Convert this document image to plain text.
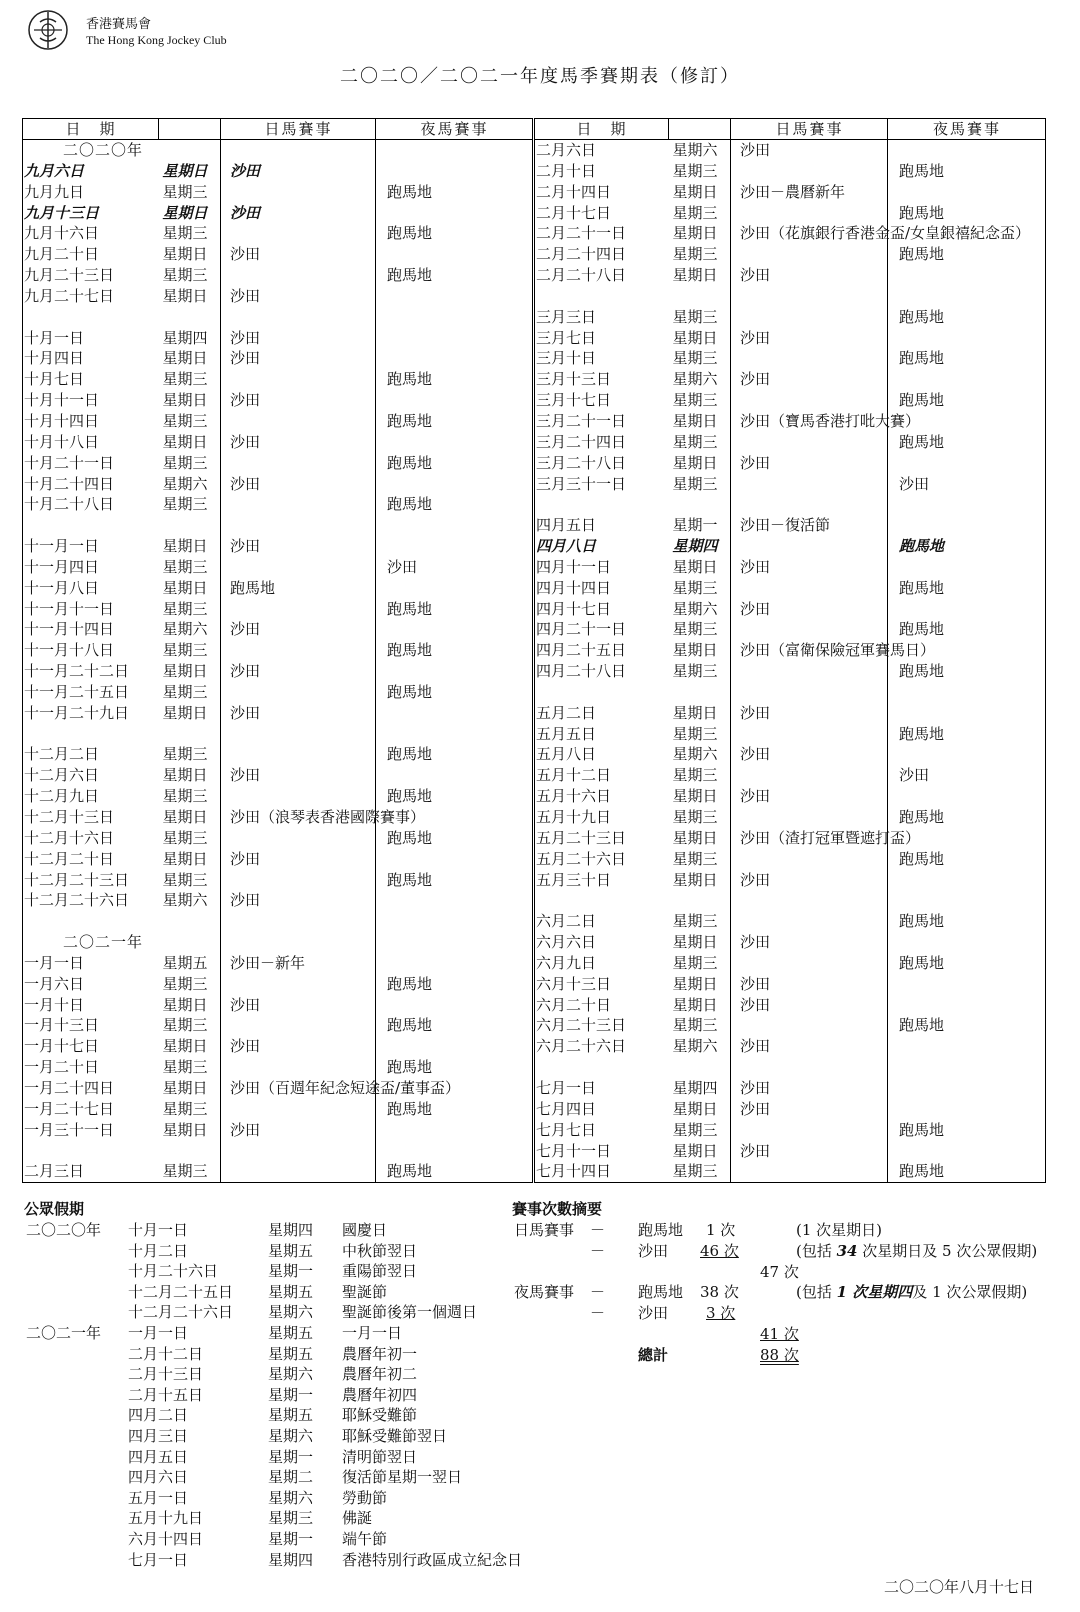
香港賽馬會
The Hong Kong Jockey Club
二〇二〇／二〇二一年度馬季賽期表（修訂）
日　期		日馬賽事	夜馬賽事
二〇二〇年			
九月六日	星期日	沙田	
九月九日	星期三		跑馬地
九月十三日	星期日	沙田	
九月十六日	星期三		跑馬地
九月二十日	星期日	沙田	
九月二十三日	星期三		跑馬地
九月二十七日	星期日	沙田	

十月一日	星期四	沙田	
十月四日	星期日	沙田	
十月七日	星期三		跑馬地
十月十一日	星期日	沙田	
十月十四日	星期三		跑馬地
十月十八日	星期日	沙田	
十月二十一日	星期三		跑馬地
十月二十四日	星期六	沙田	
十月二十八日	星期三		跑馬地

十一月一日	星期日	沙田	
十一月四日	星期三		沙田
十一月八日	星期日	跑馬地	
十一月十一日	星期三		跑馬地
十一月十四日	星期六	沙田	
十一月十八日	星期三		跑馬地
十一月二十二日	星期日	沙田	
十一月二十五日	星期三		跑馬地
十一月二十九日	星期日	沙田	

十二月二日	星期三		跑馬地
十二月六日	星期日	沙田	
十二月九日	星期三		跑馬地
十二月十三日	星期日	沙田（浪琴表香港國際賽事）	
十二月十六日	星期三		跑馬地
十二月二十日	星期日	沙田	
十二月二十三日	星期三		跑馬地
十二月二十六日	星期六	沙田	

二〇二一年			
一月一日	星期五	沙田－新年	
一月六日	星期三		跑馬地
一月十日	星期日	沙田	
一月十三日	星期三		跑馬地
一月十七日	星期日	沙田	
一月二十日	星期三		跑馬地
一月二十四日	星期日	沙田（百週年紀念短途盃/董事盃）	
一月二十七日	星期三		跑馬地
一月三十一日	星期日	沙田	

二月三日	星期三		跑馬地
日　期		日馬賽事	夜馬賽事
二月六日	星期六	沙田	
二月十日	星期三		跑馬地
二月十四日	星期日	沙田－農曆新年	
二月十七日	星期三		跑馬地
二月二十一日	星期日	沙田（花旗銀行香港金盃/女皇銀禧紀念盃）	
二月二十四日	星期三		跑馬地
二月二十八日	星期日	沙田	

三月三日	星期三		跑馬地
三月七日	星期日	沙田	
三月十日	星期三		跑馬地
三月十三日	星期六	沙田	
三月十七日	星期三		跑馬地
三月二十一日	星期日	沙田（寶馬香港打吡大賽）	
三月二十四日	星期三		跑馬地
三月二十八日	星期日	沙田	
三月三十一日	星期三		沙田

四月五日	星期一	沙田－復活節	
四月八日	星期四		跑馬地
四月十一日	星期日	沙田	
四月十四日	星期三		跑馬地
四月十七日	星期六	沙田	
四月二十一日	星期三		跑馬地
四月二十五日	星期日	沙田（富衛保險冠軍賽馬日）	
四月二十八日	星期三		跑馬地

五月二日	星期日	沙田	
五月五日	星期三		跑馬地
五月八日	星期六	沙田	
五月十二日	星期三		沙田
五月十六日	星期日	沙田	
五月十九日	星期三		跑馬地
五月二十三日	星期日	沙田（渣打冠軍暨遮打盃）	
五月二十六日	星期三		跑馬地
五月三十日	星期日	沙田	

六月二日	星期三		跑馬地
六月六日	星期日	沙田	
六月九日	星期三		跑馬地
六月十三日	星期日	沙田	
六月二十日	星期日	沙田	
六月二十三日	星期三		跑馬地
六月二十六日	星期六	沙田	

七月一日	星期四	沙田	
七月四日	星期日	沙田	
七月七日	星期三		跑馬地
七月十一日	星期日	沙田	
七月十四日	星期三		跑馬地
公眾假期
二〇二〇年 十月一日	星期四 國慶日
十月二日	星期五 中秋節翌日
十月二十六日	星期一 重陽節翌日
十二月二十五日 星期五 聖誕節
十二月二十六日 星期六 聖誕節後第一個週日
二〇二一年 一月一日	星期五 一月一日
二月十二日	星期五 農曆年初一
二月十三日	星期六 農曆年初二
二月十五日	星期一 農曆年初四
四月二日	星期五 耶穌受難節
四月三日	星期六 耶穌受難節翌日
四月五日	星期一 清明節翌日
四月六日	星期二 復活節星期一翌日
五月一日	星期六 勞動節
五月十九日	星期三 佛誕
六月十四日	星期一 端午節
七月一日	星期四 香港特別行政區成立紀念日
賽事次數摘要
日馬賽事 － 跑馬地 1 次	(1 次星期日)
－ 沙田 46 次	(包括 34 次星期日及 5 次公眾假期)
47 次
夜馬賽事 － 跑馬地 38 次	(包括 1 次星期四及 1 次公眾假期)
－ 沙田	3 次
41 次
總計	88 次
二〇二〇年八月十七日
